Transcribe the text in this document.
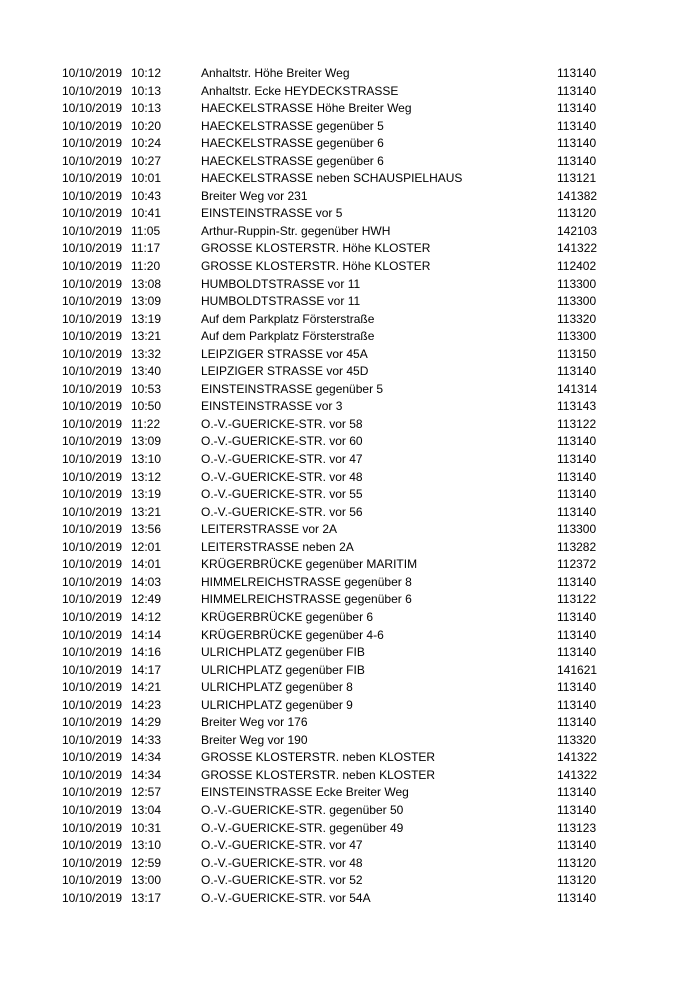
10/10/2019 10:12	Anhaltstr. Höhe Breiter Weg	113140
10/10/2019 10:13	Anhaltstr. Ecke HEYDECKSTRASSE	113140
10/10/2019 10:13	HAECKELSTRASSE Höhe Breiter Weg	113140
10/10/2019 10:20	HAECKELSTRASSE gegenüber 5	113140
10/10/2019 10:24	HAECKELSTRASSE gegenüber 6	113140
10/10/2019 10:27	HAECKELSTRASSE gegenüber 6	113140
10/10/2019 10:01	HAECKELSTRASSE neben SCHAUSPIELHAUS	113121
10/10/2019 10:43	Breiter Weg vor 231	141382
10/10/2019 10:41	EINSTEINSTRASSE vor 5	113120
10/10/2019 11:05	Arthur-Ruppin-Str. gegenüber HWH	142103
10/10/2019 11:17	GROSSE KLOSTERSTR. Höhe KLOSTER	141322
10/10/2019 11:20	GROSSE KLOSTERSTR. Höhe KLOSTER	112402
10/10/2019 13:08	HUMBOLDTSTRASSE vor 11	113300
10/10/2019 13:09	HUMBOLDTSTRASSE vor 11	113300
10/10/2019 13:19	Auf dem Parkplatz Försterstraße	113320
10/10/2019 13:21	Auf dem Parkplatz Försterstraße	113300
10/10/2019 13:32	LEIPZIGER STRASSE vor 45A	113150
10/10/2019 13:40	LEIPZIGER STRASSE vor 45D	113140
10/10/2019 10:53	EINSTEINSTRASSE gegenüber 5	141314
10/10/2019 10:50	EINSTEINSTRASSE vor 3	113143
10/10/2019 11:22	O.-V.-GUERICKE-STR. vor 58	113122
10/10/2019 13:09	O.-V.-GUERICKE-STR. vor 60	113140
10/10/2019 13:10	O.-V.-GUERICKE-STR. vor 47	113140
10/10/2019 13:12	O.-V.-GUERICKE-STR. vor 48	113140
10/10/2019 13:19	O.-V.-GUERICKE-STR. vor 55	113140
10/10/2019 13:21	O.-V.-GUERICKE-STR. vor 56	113140
10/10/2019 13:56	LEITERSTRASSE vor 2A	113300
10/10/2019 12:01	LEITERSTRASSE neben 2A	113282
10/10/2019 14:01	KRÜGERBRÜCKE gegenüber MARITIM	112372
10/10/2019 14:03	HIMMELREICHSTRASSE gegenüber 8	113140
10/10/2019 12:49	HIMMELREICHSTRASSE gegenüber 6	113122
10/10/2019 14:12	KRÜGERBRÜCKE gegenüber 6	113140
10/10/2019 14:14	KRÜGERBRÜCKE gegenüber 4-6	113140
10/10/2019 14:16	ULRICHPLATZ gegenüber FIB	113140
10/10/2019 14:17	ULRICHPLATZ gegenüber FIB	141621
10/10/2019 14:21	ULRICHPLATZ gegenüber 8	113140
10/10/2019 14:23	ULRICHPLATZ gegenüber 9	113140
10/10/2019 14:29	Breiter Weg vor 176	113140
10/10/2019 14:33	Breiter Weg vor 190	113320
10/10/2019 14:34	GROSSE KLOSTERSTR. neben KLOSTER	141322
10/10/2019 14:34	GROSSE KLOSTERSTR. neben KLOSTER	141322
10/10/2019 12:57	EINSTEINSTRASSE Ecke Breiter Weg	113140
10/10/2019 13:04	O.-V.-GUERICKE-STR. gegenüber 50	113140
10/10/2019 10:31	O.-V.-GUERICKE-STR. gegenüber 49	113123
10/10/2019 13:10	O.-V.-GUERICKE-STR. vor 47	113140
10/10/2019 12:59	O.-V.-GUERICKE-STR. vor 48	113120
10/10/2019 13:00	O.-V.-GUERICKE-STR. vor 52	113120
10/10/2019 13:17	O.-V.-GUERICKE-STR. vor 54A	113140
